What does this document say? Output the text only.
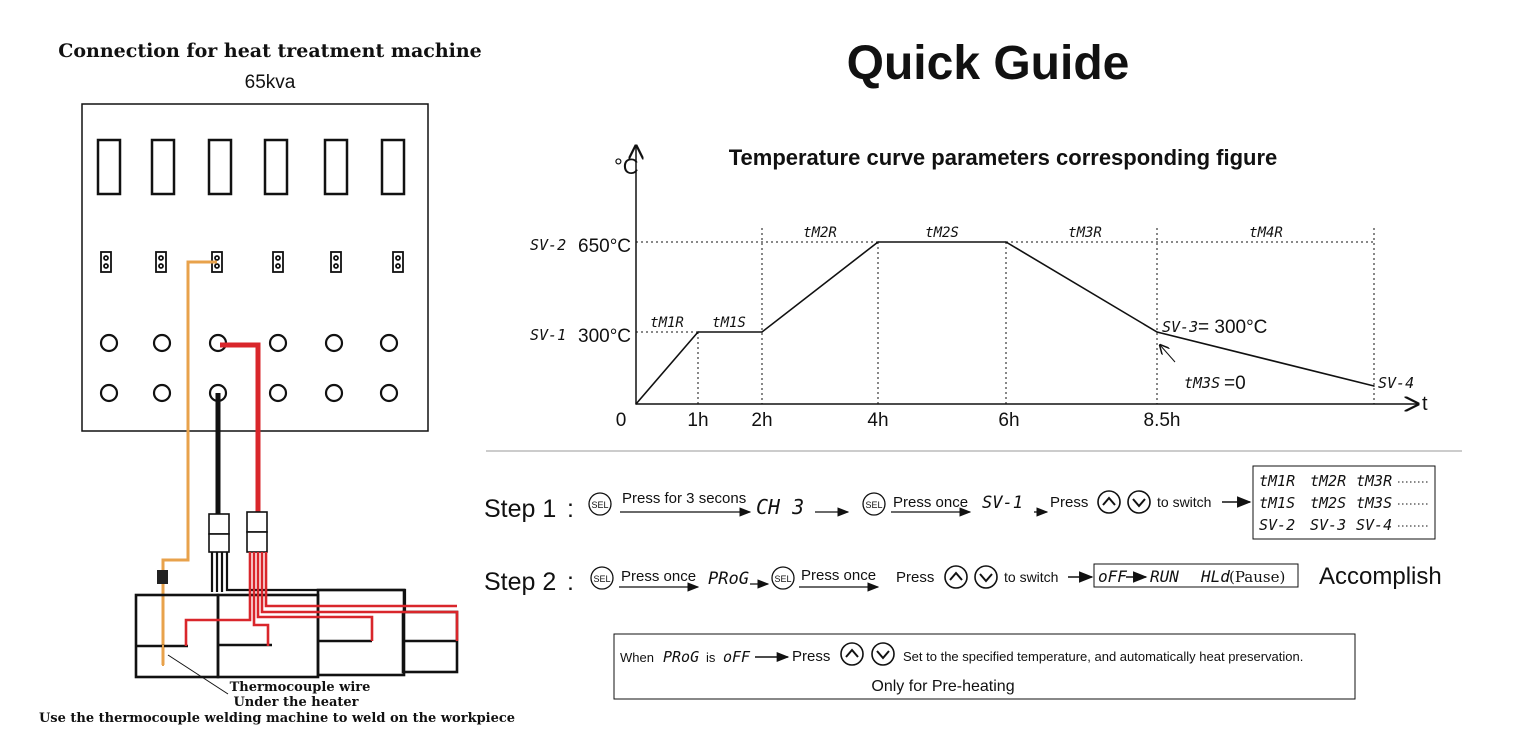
Connection for heat treatment machine
65kva
Thermocouple wire
Under the heater
Use the thermocouple welding machine to weld on the workpiece
Quick Guide
Temperature curve parameters corresponding figure
°C
t
0
SV-2 650°C
SV-1 300°C
1h 2h	4h	6h	8.5h
tM1R tM1S
tM2R	tM2S	tM3R	tM4R
SV-3 = 300°C
tM3S =0	SV-4
Step 1 : SEL Press for 3 secons CH 3	SEL Press once SV-1 Press	to switch
tM1R tM2R tM3R
tM1S tM2S tM3S
SV-2 SV-3 SV-4
Step 2 : SEL Press once PRoG	SEL Press once Press	to switch oFF RUN HLd (Pause) Accomplish
When PRoG is oFF	Press	Set to the specified temperature, and automatically heat preservation.
Only for Pre-heating
